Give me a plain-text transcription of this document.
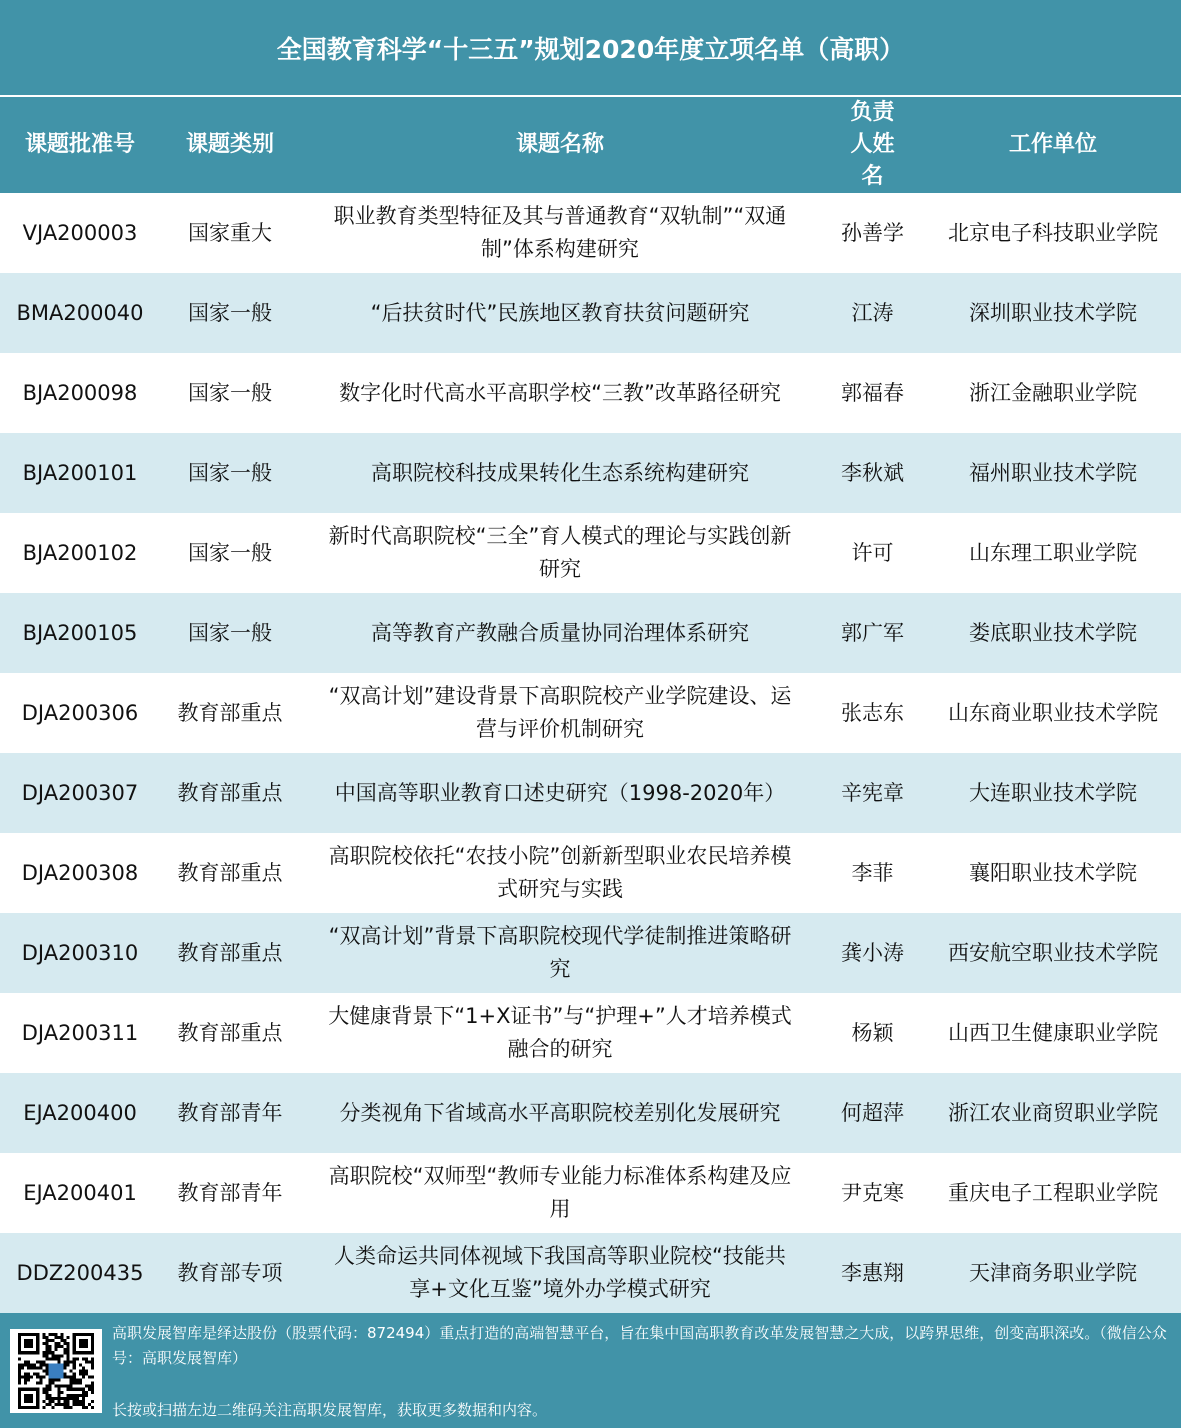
全国教育科学“十三五”规划2020年度立项名单（高职）
课题批准号	课题类别	课题名称	负责人姓名	工作单位
VJA200003	国家重大	职业教育类型特征及其与普通教育“双轨制”“双通制”体系构建研究	孙善学	北京电子科技职业学院
BMA200040	国家一般	“后扶贫时代”民族地区教育扶贫问题研究	江涛	深圳职业技术学院
BJA200098	国家一般	数字化时代高水平高职学校“三教”改革路径研究	郭福春	浙江金融职业学院
BJA200101	国家一般	高职院校科技成果转化生态系统构建研究	李秋斌	福州职业技术学院
BJA200102	国家一般	新时代高职院校“三全”育人模式的理论与实践创新研究	许可	山东理工职业学院
BJA200105	国家一般	高等教育产教融合质量协同治理体系研究	郭广军	娄底职业技术学院
DJA200306	教育部重点	“双高计划”建设背景下高职院校产业学院建设、运营与评价机制研究	张志东	山东商业职业技术学院
DJA200307	教育部重点	中国高等职业教育口述史研究（1998-2020年）	辛宪章	大连职业技术学院
DJA200308	教育部重点	高职院校依托“农技小院”创新新型职业农民培养模式研究与实践	李菲	襄阳职业技术学院
DJA200310	教育部重点	“双高计划”背景下高职院校现代学徒制推进策略研究	龚小涛	西安航空职业技术学院
DJA200311	教育部重点	大健康背景下“1+X证书”与“护理+”人才培养模式融合的研究	杨颖	山西卫生健康职业学院
EJA200400	教育部青年	分类视角下省域高水平高职院校差别化发展研究	何超萍	浙江农业商贸职业学院
EJA200401	教育部青年	高职院校“双师型“教师专业能力标准体系构建及应用	尹克寒	重庆电子工程职业学院
DDZ200435	教育部专项	人类命运共同体视域下我国高等职业院校“技能共享+文化互鉴”境外办学模式研究	李惠翔	天津商务职业学院
高职发展智库是绎达股份（股票代码：872494）重点打造的高端智慧平台，旨在集中国高职教育改革发展智慧之大成，以跨界思维，创变高职深改。（微信公众号：高职发展智库）
长按或扫描左边二维码关注高职发展智库，获取更多数据和内容。
